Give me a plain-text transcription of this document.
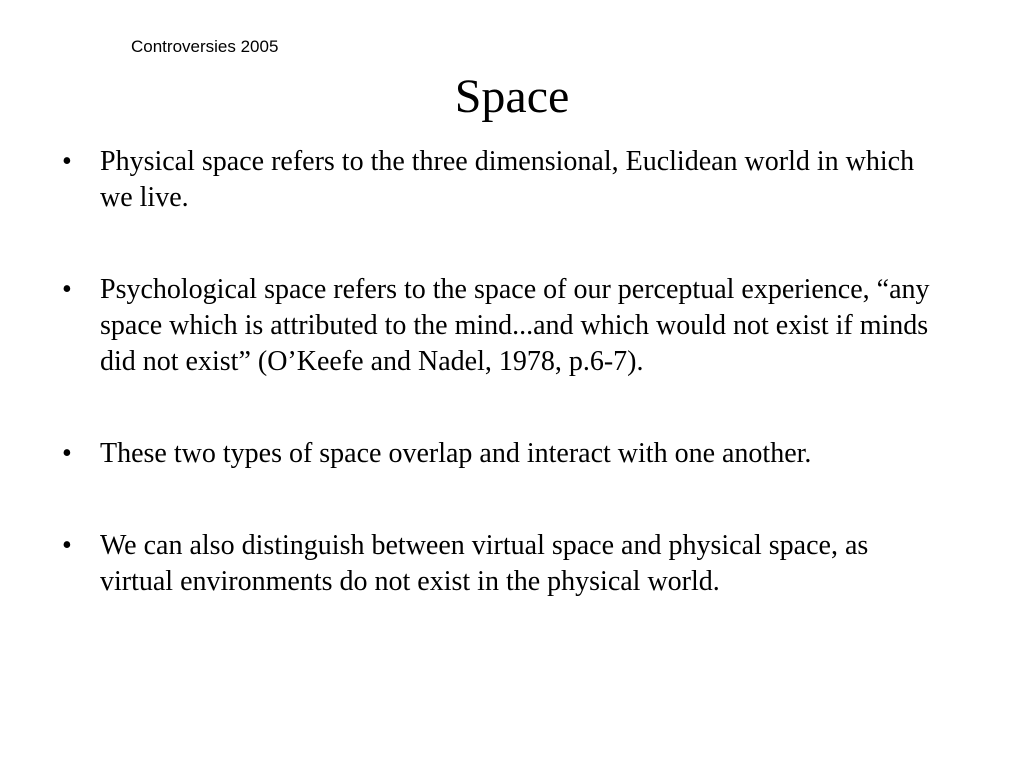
Controversies 2005
Space
• Physical space refers to the three dimensional, Euclidean world in which we live.
• Psychological space refers to the space of our perceptual experience, “any space which is attributed to the mind...and which would not exist if minds did not exist” (O’Keefe and Nadel, 1978, p.6-7).
• These two types of space overlap and interact with one another.
• We can also distinguish between virtual space and physical space, as virtual environments do not exist in the physical world.
